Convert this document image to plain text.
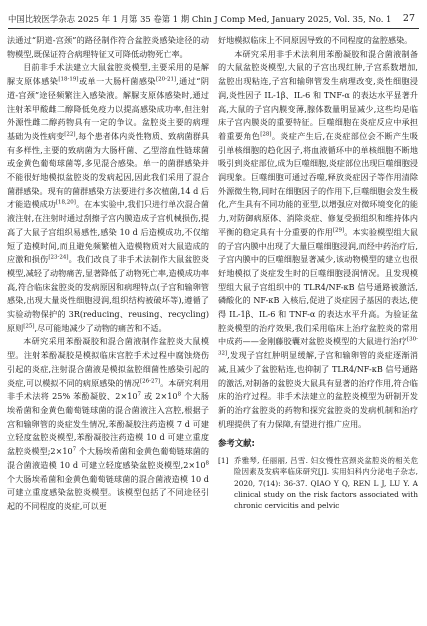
中国比较医学杂志 2025 年 1 月第 35 卷第 1 期 Chin J Comp Med, January 2025, Vol. 35, No. 1 27

法通过“阴道-宫颈”的路径制作符合盆腔炎感染途径的动物模型,既保证符合病理特征又可降低动物死亡率。

目前非手术法建立大鼠盆腔炎模型,主要采用的是解脲支原体感染[18-19]或单一大肠杆菌感染[20-21],通过“阴道-宫颈”途径频繁注入感染液。解脲支原体感染时,通过注射苯甲酸雌二醇降低免疫力以提高感染成功率,但注射外源性雌二醇药物具有一定的争议。盆腔炎主要的病理基础为炎性病变[22],每个患者体内炎性物质、致病菌群具有多样性,主要的致病菌为大肠杆菌、乙型溶血性链球菌或金黄色葡萄球菌等,多见混合感染。单一的菌群感染并不能很好地模拟盆腔炎的发病起因,因此我们采用了混合菌群感染。现有的菌群感染方法要进行多次植菌,14 d 后才能造模成功[18,20]。在本实验中,我们只进行单次混合菌液注射,在注射时通过刮擦子宫内膜造成子宫机械损伤,提高了大鼠子宫组织易感性,感染 10 d 后造模成功,不仅缩短了造模时间,而且避免频繁植入造模物质对大鼠造成的应激和损伤[23-24]。我们改良了非手术法制作大鼠盆腔炎模型,减轻了动物痛苦,显著降低了动物死亡率,造模成功率高,符合临床盆腔炎的发病原因和病理特点(子宫和输卵管感染,出现大量炎性细胞浸润,组织结构被破坏等),遵循了实验动物保护的 3R(reducing、reusing、recycling)原则[25],尽可能地减少了动物的痛苦和不适。

本研究采用苯酚凝胶和混合菌液制作盆腔炎大鼠模型。注射苯酚凝胶是模拟临床宫腔手术过程中腐蚀烧伤引起的炎症,注射混合菌液是模拟盆腔细菌性感染引起的炎症,可以模拟不同的病原感染的情况[26-27]。本研究利用非手术法将 25% 苯酚凝胶、$2\times 10^7$ 或 $2\times 10^8$ 个大肠埃希菌和金黄色葡萄链球菌的混合菌液注入宫腔,根据子宫和输卵管的炎症发生情况,苯酚凝胶注药造模 7 d 可建立轻度盆腔炎模型,苯酚凝胶注药造模 10 d 可建立重度盆腔炎模型$;2\times 10^7$ 个大肠埃希菌和金黄色葡萄链球菌的混合菌液造模 10 d 可建立轻度感染盆腔炎模型$,2\times 10^8$ 个大肠埃希菌和金黄色葡萄链球菌的混合菌液造模 10 d 可建立重度感染盆腔炎模型。该模型包括了不同途径引起的不同程度的炎症,可以更

好地模拟临床上不同原因导致的不同程度的盆腔感染。

本研究采用非手术法利用苯酚凝胶和混合菌液制备的大鼠盆腔炎模型,大鼠的子宫出现红肿,子宫系数增加,盆腔出现粘连,子宫和输卵管发生病理改变,炎性细胞浸润,炎性因子 IL-1β、IL-6 和 TNF-α 的表达水平显著升高,大鼠的子宫内膜变薄,腺体数量明显减少,这些均是临床子宫内膜炎的重要特征。巨噬细胞在炎症反应中承担着重要角色[28]。炎症产生后,在炎症部位会不断产生吸引单核细胞的趋化因子,将血液循环中的单核细胞不断地吸引到炎症部位,成为巨噬细胞,炎症部位出现巨噬细胞浸润现象。巨噬细胞可通过吞噬,释放炎症因子等作用清除外源微生物,同时在细胞因子的作用下,巨噬细胞会发生极化,产生具有不同功能的亚型,以增强应对微环境变化的能力,对防御病原体、消除炎症、修复受损组织和维持体内平衡的稳定具有十分重要的作用[29]。本实验模型组大鼠的子宫内膜中出现了大量巨噬细胞浸润,而经中药治疗后,子宫内膜中的巨噬细胞显著减少,该动物模型的建立也很好地模拟了炎症发生时的巨噬细胞浸润情况。且发现模型组大鼠子宫组织中的 TLR4/NF-κB 信号通路被激活,磷酸化的 NF-κB 入核后,促进了炎症因子基因的表达,使得 IL-1β、IL-6 和 TNF-α 的表达水平升高。为验证盆腔炎模型的治疗效果,我们采用临床上治疗盆腔炎的常用中成药——金刚藤胶囊对盆腔炎模型的大鼠进行治疗[30-32],发现子宫红肿明显缓解,子宫和输卵管的炎症逐渐消减,且减少了盆腔粘连,也抑制了 TLR4/NF-κB 信号通路的激活,对制备的盆腔炎大鼠具有显著的治疗作用,符合临床的治疗过程。非手术法建立的盆腔炎模型为研制开发新的治疗盆腔炎的药物和探究盆腔炎的发病机制和治疗机理提供了有力保障,有望进行推广应用。

参考文献:
[1] 乔雅琴, 任丽丽, 吕雪. 妇女慢性宫颈炎盆腔炎的相关危险因素及发病率临床研究[J]. 实用妇科内分泌电子杂志, 2020, 7(14): 36-37. QIAO Y Q, REN L J, LU Y. A clinical study on the risk factors associated with chronic cervicitis and pelvic
